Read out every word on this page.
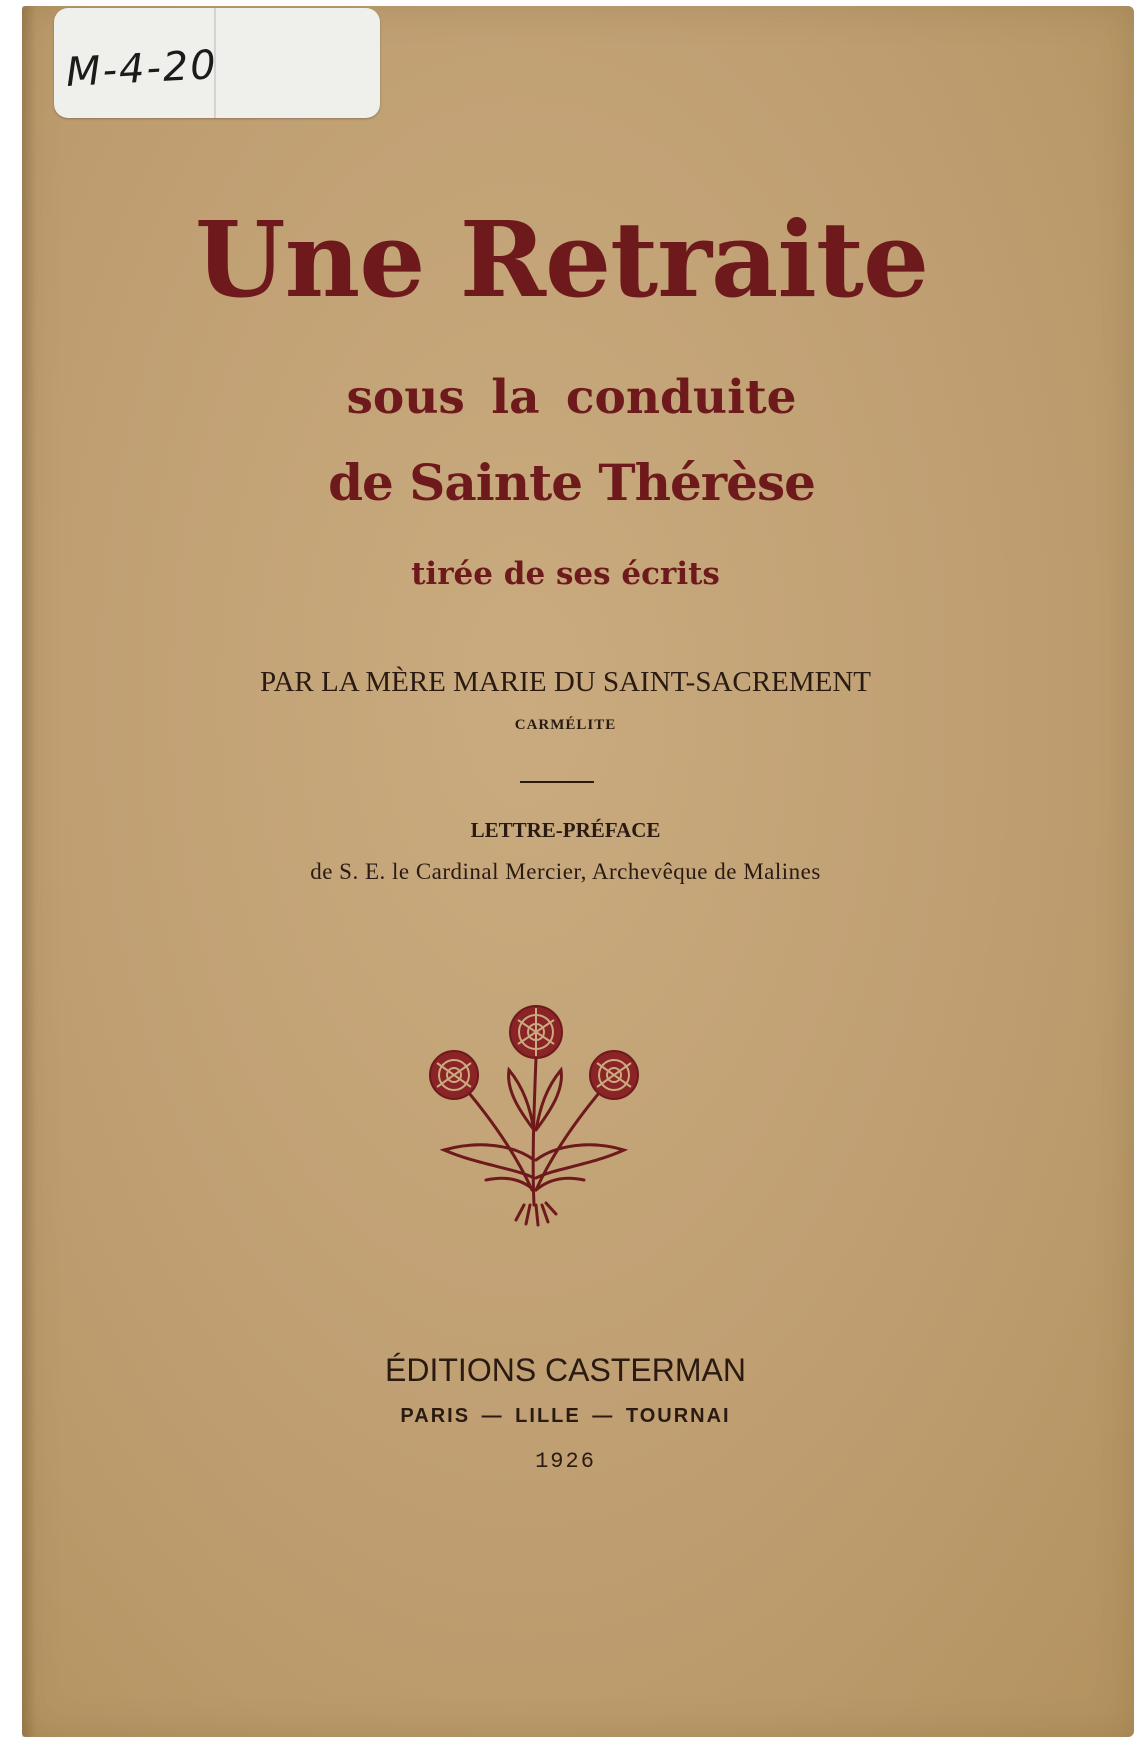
M-4-20
Une Retraite
sous la conduite
de Sainte Thérèse
tirée de ses écrits
PAR LA MÈRE MARIE DU SAINT-SACREMENT
CARMÉLITE
LETTRE-PRÉFACE
de S. E. le Cardinal Mercier, Archevêque de Malines
ÉDITIONS CASTERMAN
PARIS — LILLE — TOURNAI
1926
